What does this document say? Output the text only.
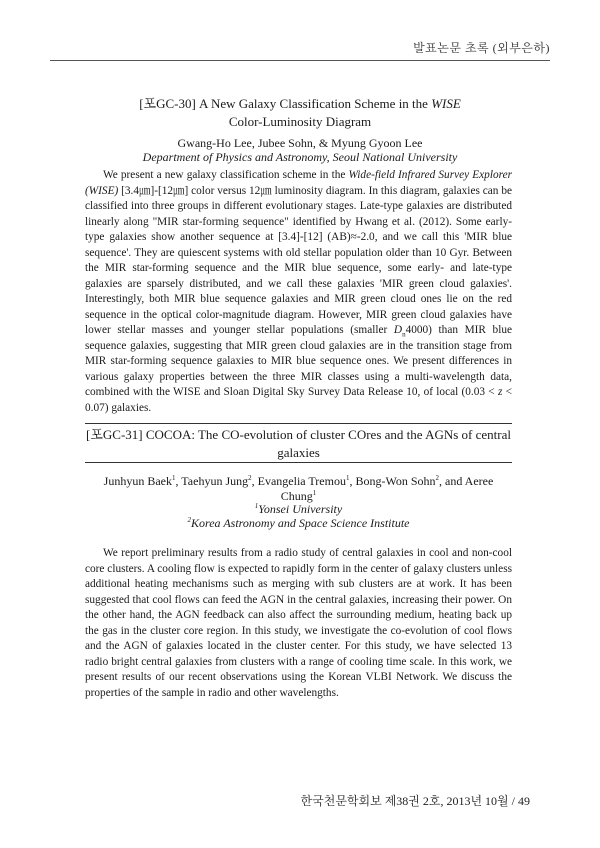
발표논문 초록 (외부은하)
[포GC-30] A New Galaxy Classification Scheme in the WISE
Color-Luminosity Diagram
Gwang-Ho Lee, Jubee Sohn, & Myung Gyoon Lee
Department of Physics and Astronomy, Seoul National University
We present a new galaxy classification scheme in the Wide-field Infrared Survey Explorer (WISE) [3.4㎛]-[12㎛] color versus 12㎛ luminosity diagram. In this diagram, galaxies can be classified into three groups in different evolutionary stages. Late-type galaxies are distributed linearly along "MIR star-forming sequence" identified by Hwang et al. (2012). Some early-type galaxies show another sequence at [3.4]-[12] (AB)≈-2.0, and we call this 'MIR blue sequence'. They are quiescent systems with old stellar population older than 10 Gyr. Between the MIR star-forming sequence and the MIR blue sequence, some early- and late-type galaxies are sparsely distributed, and we call these galaxies 'MIR green cloud galaxies'. Interestingly, both MIR blue sequence galaxies and MIR green cloud ones lie on the red sequence in the optical color-magnitude diagram. However, MIR green cloud galaxies have lower stellar masses and younger stellar populations (smaller $D_n4000$) than MIR blue sequence galaxies, suggesting that MIR green cloud galaxies are in the transition stage from MIR star-forming sequence galaxies to MIR blue sequence ones. We present differences in various galaxy properties between the three MIR classes using a multi-wavelength data, combined with the WISE and Sloan Digital Sky Survey Data Release 10, of local (0.03 < z < 0.07) galaxies.
[포GC-31] COCOA: The CO-evolution of cluster COres and the AGNs of central galaxies
Junhyun Baek$^1$, Taehyun Jung$^2$, Evangelia Tremou$^1$, Bong-Won Sohn$^2$, and Aeree Chung$^1$
$^1$Yonsei University
$^2$Korea Astronomy and Space Science Institute
We report preliminary results from a radio study of central galaxies in cool and non-cool core clusters. A cooling flow is expected to rapidly form in the center of galaxy clusters unless additional heating mechanisms such as merging with sub clusters are at work. It has been suggested that cool flows can feed the AGN in the central galaxies, increasing their power. On the other hand, the AGN feedback can also affect the surrounding medium, heating back up the gas in the cluster core region. In this study, we investigate the co-evolution of cool flows and the AGN of galaxies located in the cluster center. For this study, we have selected 13 radio bright central galaxies from clusters with a range of cooling time scale. In this work, we present results of our recent observations using the Korean VLBI Network. We discuss the properties of the sample in radio and other wavelengths.
한국천문학회보 제38권 2호, 2013년 10월 / 49
